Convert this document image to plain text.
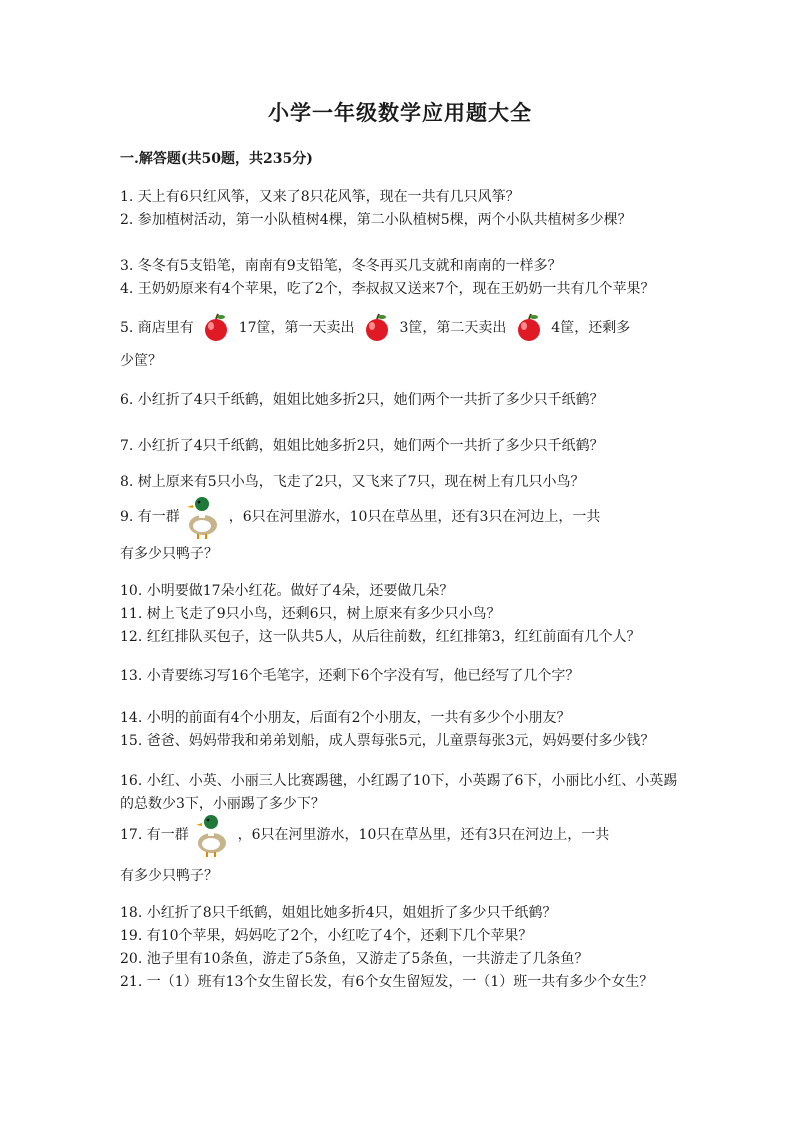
小学一年级数学应用题大全
一.解答题(共50题，共235分)
1. 天上有6只红风筝，又来了8只花风筝，现在一共有几只风筝？
2. 参加植树活动，第一小队植树4棵，第二小队植树5棵，两个小队共植树多少棵？
3. 冬冬有5支铅笔，南南有9支铅笔，冬冬再买几支就和南南的一样多？
4. 王奶奶原来有4个苹果，吃了2个，李叔叔又送来7个，现在王奶奶一共有几个苹果？
5. 商店里有	17筐，第一天卖出	3筐，第二天卖出	4筐，还剩多
少筐？
6. 小红折了4只千纸鹤，姐姐比她多折2只，她们两个一共折了多少只千纸鹤？
7. 小红折了4只千纸鹤，姐姐比她多折2只，她们两个一共折了多少只千纸鹤？
8. 树上原来有5只小鸟，飞走了2只，又飞来了7只，现在树上有几只小鸟？
9. 有一群	，6只在河里游水，10只在草丛里，还有3只在河边上，一共
有多少只鸭子？
10. 小明要做17朵小红花。做好了4朵，还要做几朵？
11. 树上飞走了9只小鸟，还剩6只，树上原来有多少只小鸟？
12. 红红排队买包子，这一队共5人，从后往前数，红红排第3，红红前面有几个人？
13. 小青要练习写16个毛笔字，还剩下6个字没有写，他已经写了几个字？
14. 小明的前面有4个小朋友，后面有2个小朋友，一共有多少个小朋友？
15. 爸爸、妈妈带我和弟弟划船，成人票每张5元，儿童票每张3元，妈妈要付多少钱？
16. 小红、小英、小丽三人比赛踢毽，小红踢了10下，小英踢了6下，小丽比小红、小英踢的总数少3下，小丽踢了多少下？
17. 有一群	，6只在河里游水，10只在草丛里，还有3只在河边上，一共
有多少只鸭子？
18. 小红折了8只千纸鹤，姐姐比她多折4只，姐姐折了多少只千纸鹤？
19. 有10个苹果，妈妈吃了2个，小红吃了4个，还剩下几个苹果？
20. 池子里有10条鱼，游走了5条鱼，又游走了5条鱼，一共游走了几条鱼？
21. 一（1）班有13个女生留长发，有6个女生留短发，一（1）班一共有多少个女生？
